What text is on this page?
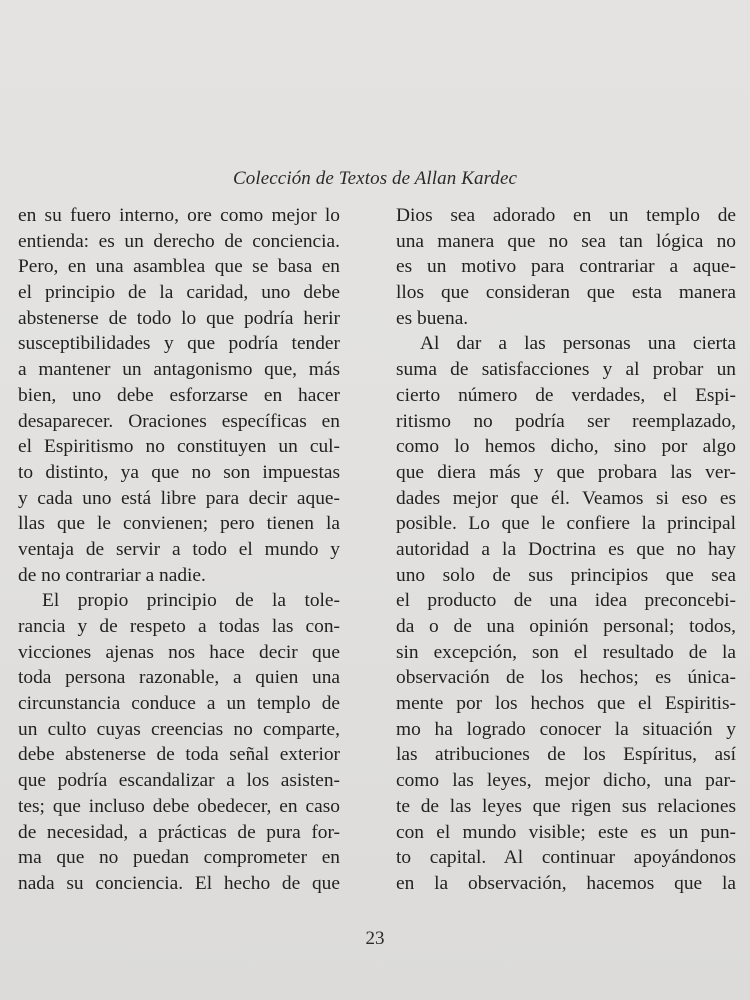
Colección de Textos de Allan Kardec
en su fuero interno, ore como mejor lo
entienda: es un derecho de conciencia.
Pero, en una asamblea que se basa en
el principio de la caridad, uno debe
abstenerse de todo lo que podría herir
susceptibilidades y que podría tender
a mantener un antagonismo que, más
bien, uno debe esforzarse en hacer
desaparecer. Oraciones específicas en
el Espiritismo no constituyen un cul-
to distinto, ya que no son impuestas
y cada uno está libre para decir aque-
llas que le convienen; pero tienen la
ventaja de servir a todo el mundo y
de no contrariar a nadie.
El propio principio de la tole-
rancia y de respeto a todas las con-
vicciones ajenas nos hace decir que
toda persona razonable, a quien una
circunstancia conduce a un templo de
un culto cuyas creencias no comparte,
debe abstenerse de toda señal exterior
que podría escandalizar a los asisten-
tes; que incluso debe obedecer, en caso
de necesidad, a prácticas de pura for-
ma que no puedan comprometer en
nada su conciencia. El hecho de que
Dios sea adorado en un templo de
una manera que no sea tan lógica no
es un motivo para contrariar a aque-
llos que consideran que esta manera
es buena.
Al dar a las personas una cierta
suma de satisfacciones y al probar un
cierto número de verdades, el Espi-
ritismo no podría ser reemplazado,
como lo hemos dicho, sino por algo
que diera más y que probara las ver-
dades mejor que él. Veamos si eso es
posible. Lo que le confiere la principal
autoridad a la Doctrina es que no hay
uno solo de sus principios que sea
el producto de una idea preconcebi-
da o de una opinión personal; todos,
sin excepción, son el resultado de la
observación de los hechos; es única-
mente por los hechos que el Espiritis-
mo ha logrado conocer la situación y
las atribuciones de los Espíritus, así
como las leyes, mejor dicho, una par-
te de las leyes que rigen sus relaciones
con el mundo visible; este es un pun-
to capital. Al continuar apoyándonos
en la observación, hacemos que la
23
